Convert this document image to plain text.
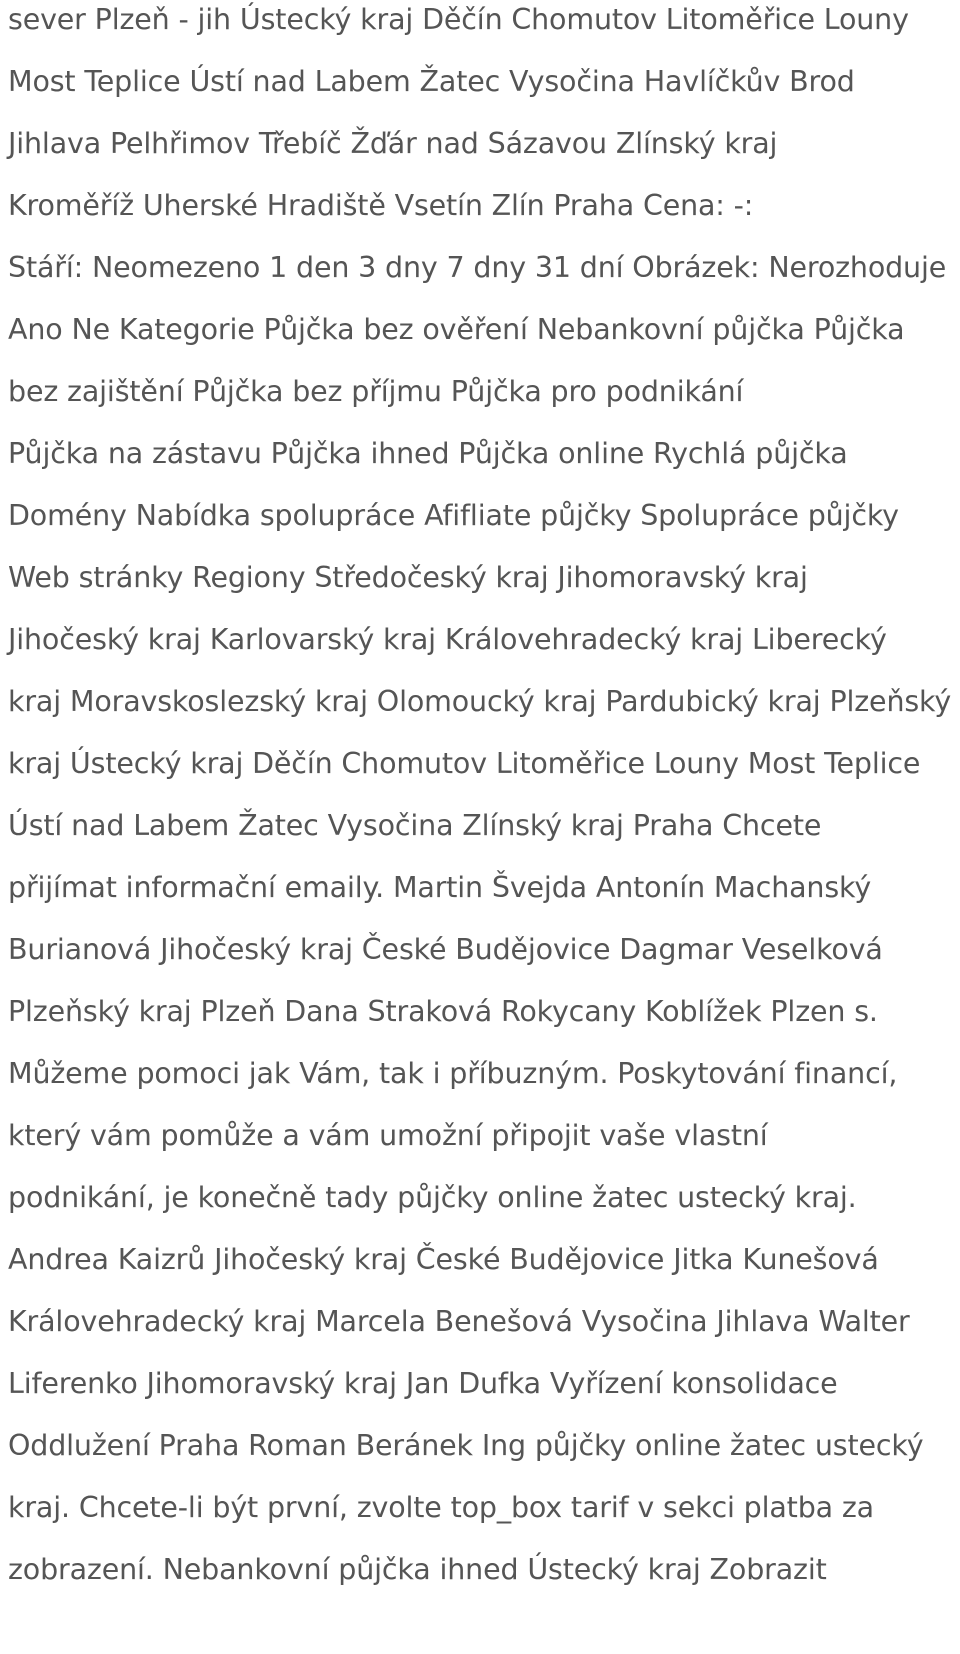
sever Plzeň - jih Ústecký kraj Děčín Chomutov Litoměřice Louny
Most Teplice Ústí nad Labem Žatec Vysočina Havlíčkův Brod
Jihlava Pelhřimov Třebíč Žďár nad Sázavou Zlínský kraj
Kroměříž Uherské Hradiště Vsetín Zlín Praha Cena: -:
Stáří: Neomezeno 1 den 3 dny 7 dny 31 dní Obrázek: Nerozhoduje
Ano Ne Kategorie Půjčka bez ověření Nebankovní půjčka Půjčka
bez zajištění Půjčka bez příjmu Půjčka pro podnikání
Půjčka na zástavu Půjčka ihned Půjčka online Rychlá půjčka
Domény Nabídka spolupráce Afifliate půjčky Spolupráce půjčky
Web stránky Regiony Středočeský kraj Jihomoravský kraj
Jihočeský kraj Karlovarský kraj Královehradecký kraj Liberecký
kraj Moravskoslezský kraj Olomoucký kraj Pardubický kraj Plzeňský
kraj Ústecký kraj Děčín Chomutov Litoměřice Louny Most Teplice
Ústí nad Labem Žatec Vysočina Zlínský kraj Praha Chcete
přijímat informační emaily. Martin Švejda Antonín Machanský
Burianová Jihočeský kraj České Budějovice Dagmar Veselková
Plzeňský kraj Plzeň Dana Straková Rokycany Koblížek Plzen s.
Můžeme pomoci jak Vám, tak i příbuzným. Poskytování financí,
který vám pomůže a vám umožní připojit vaše vlastní
podnikání, je konečně tady půjčky online žatec ustecký kraj.
Andrea Kaizrů Jihočeský kraj České Budějovice Jitka Kunešová
Královehradecký kraj Marcela Benešová Vysočina Jihlava Walter
Liferenko Jihomoravský kraj Jan Dufka Vyřízení konsolidace
Oddlužení Praha Roman Beránek Ing půjčky online žatec ustecký
kraj. Chcete-li být první, zvolte top_box tarif v sekci platba za
zobrazení. Nebankovní půjčka ihned Ústecký kraj Zobrazit
